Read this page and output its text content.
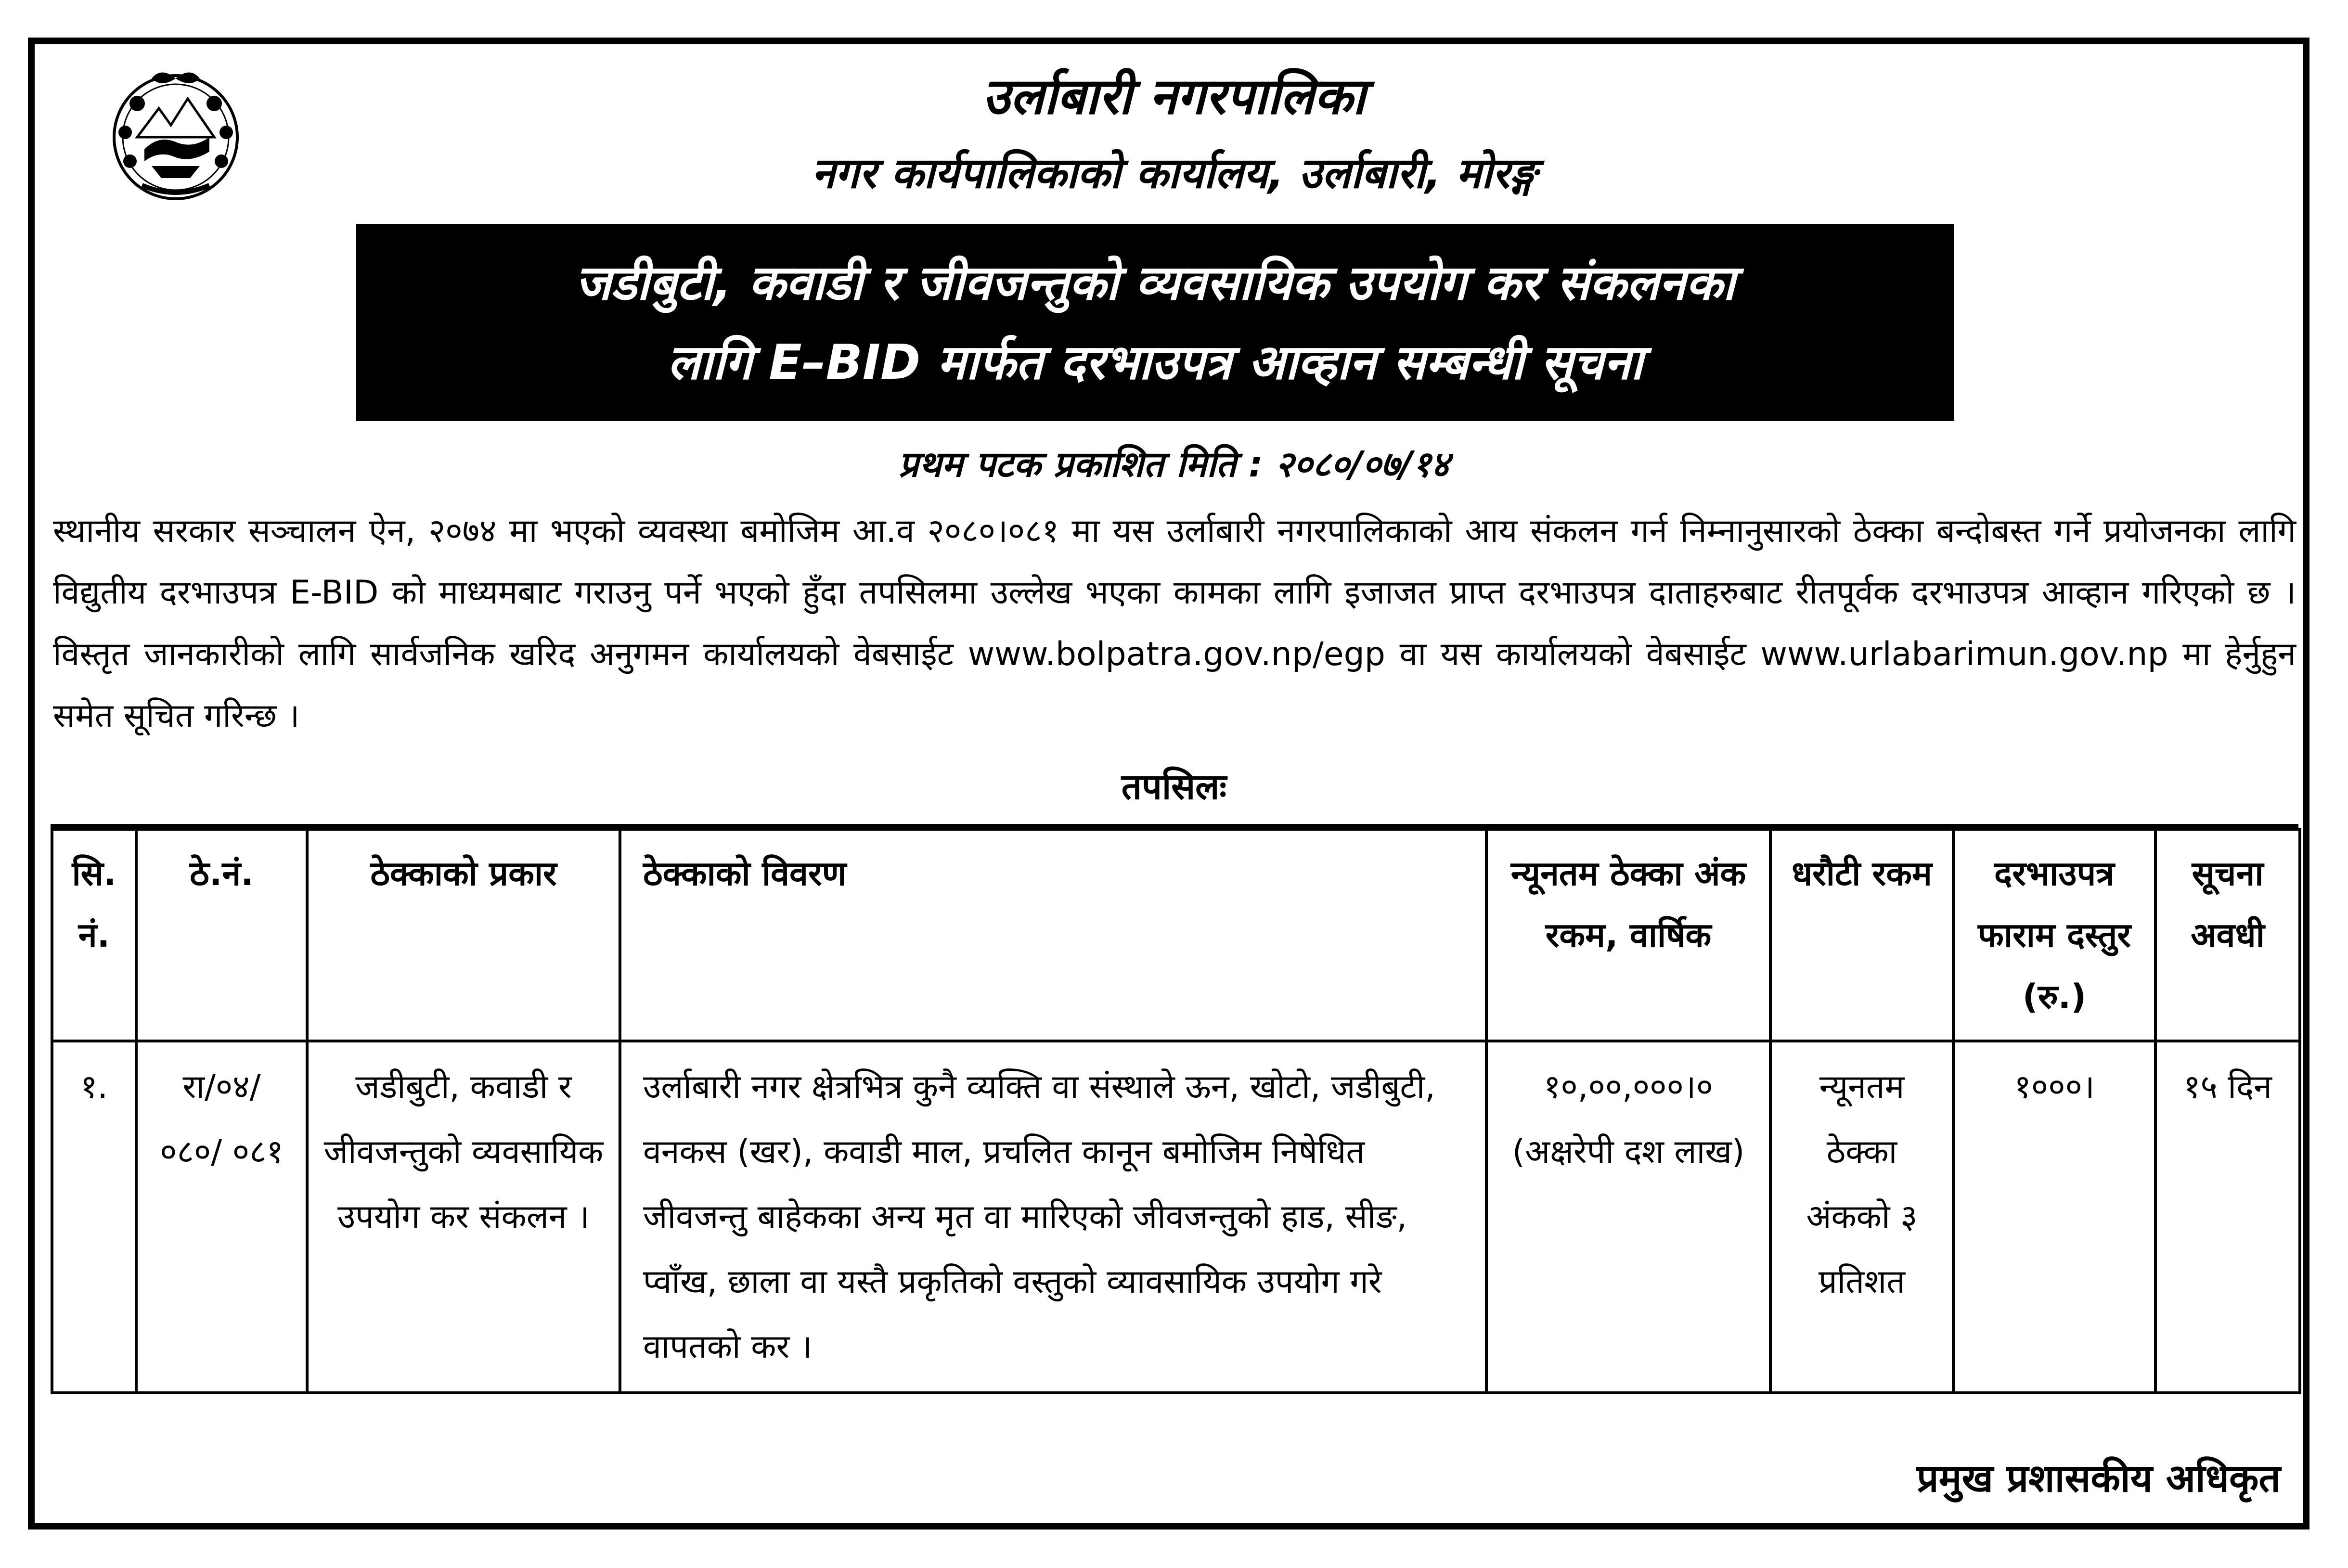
उर्लाबारी नगरपालिका
नगर कार्यपालिकाको कार्यालय, उर्लाबारी, मोरङ्ग
जडीबुटी, कवाडी र जीवजन्तुको व्यवसायिक उपयोग कर संकलनका
लागि E–BID मार्फत दरभाउपत्र आव्हान सम्बन्धी सूचना
प्रथम पटक प्रकाशित मिति : २०८०/०७/१४
स्थानीय सरकार सञ्चालन ऐन, २०७४ मा भएको व्यवस्था बमोजिम आ.व २०८०।०८१ मा यस उर्लाबारी नगरपालिकाको आय संकलन गर्न निम्नानुसारको ठेक्का बन्दोबस्त गर्ने प्रयोजनका लागि विद्युतीय दरभाउपत्र E-BID को माध्यमबाट गराउनु पर्ने भएको हुँदा तपसिलमा उल्लेख भएका कामका लागि इजाजत प्राप्त दरभाउपत्र दाताहरुबाट रीतपूर्वक दरभाउपत्र आव्हान गरिएको छ । विस्तृत जानकारीको लागि सार्वजनिक खरिद अनुगमन कार्यालयको वेबसाईट www.bolpatra.gov.np/egp वा यस कार्यालयको वेबसाईट www.urlabarimun.gov.np मा हेर्नुहुन समेत सूचित गरिन्छ ।
तपसिलः
सि. नं.	ठे.नं.	ठेक्काको प्रकार	ठेक्काको विवरण	न्यूनतम ठेक्का अंक रकम, वार्षिक	धरौटी रकम	दरभाउपत्र फाराम दस्तुर (रु.)	सूचना अवधी
१.	रा/०४/ ०८०/ ०८१	जडीबुटी, कवाडी र जीवजन्तुको व्यवसायिक उपयोग कर संकलन ।	उर्लाबारी नगर क्षेत्रभित्र कुनै व्यक्ति वा संस्थाले ऊन, खोटो, जडीबुटी, वनकस (खर), कवाडी माल, प्रचलित कानून बमोजिम निषेधित जीवजन्तु बाहेकका अन्य मृत वा मारिएको जीवजन्तुको हाड, सीङ, प्वाँख, छाला वा यस्तै प्रकृतिको वस्तुको व्यावसायिक उपयोग गरे वापतको कर ।	१०,००,०००।० (अक्षरेपी दश लाख)	न्यूनतम ठेक्का अंकको ३ प्रतिशत	१०००।	१५ दिन
प्रमुख प्रशासकीय अधिकृत
